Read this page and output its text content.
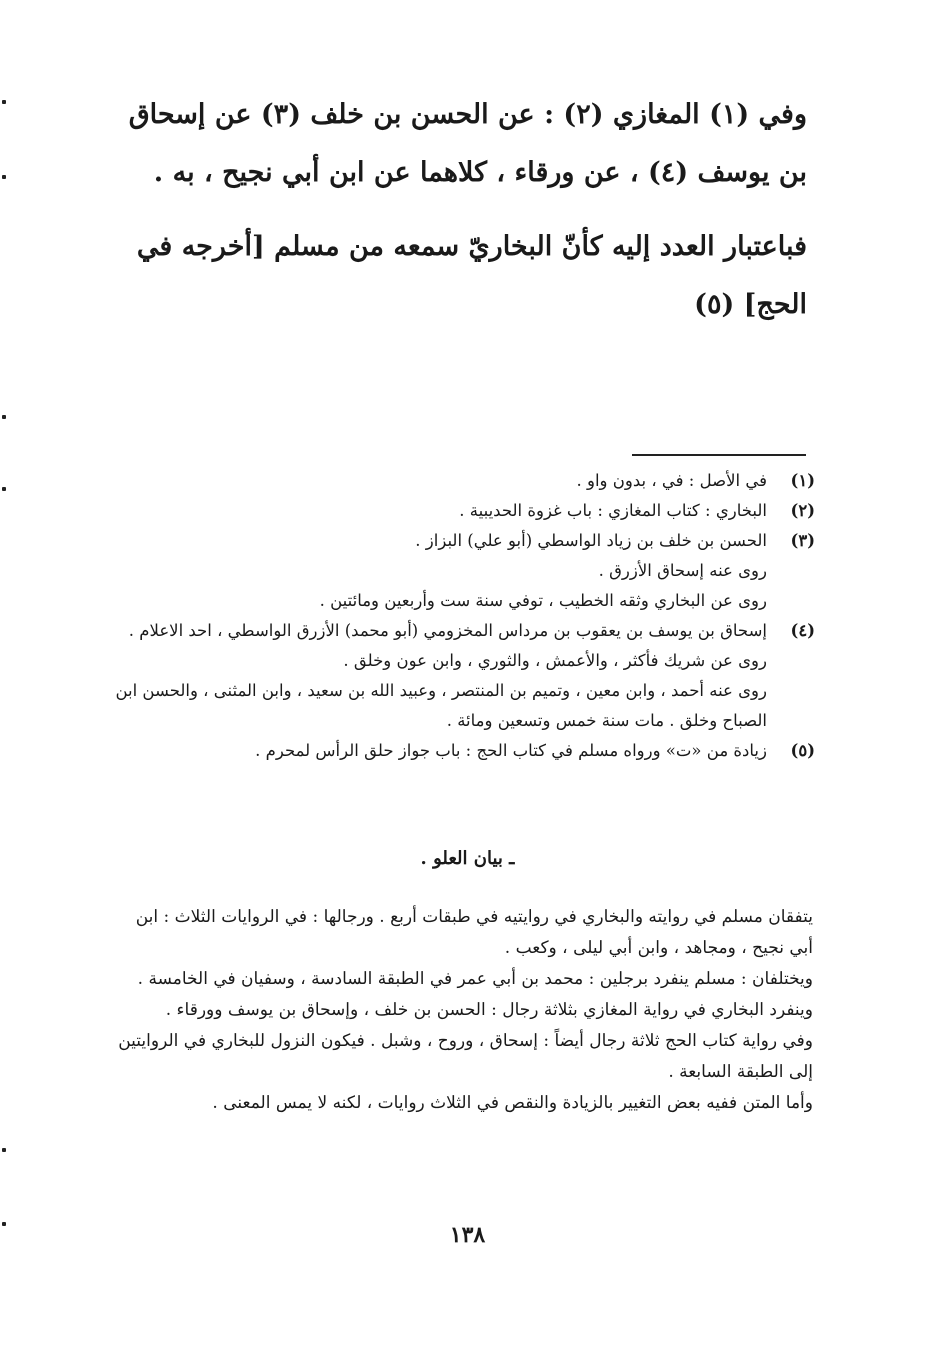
وفي (١) المغازي (٢) : عن الحسن بن خلف (٣) عن إسحاق بن يوسف (٤) ، عن ورقاء ، كلاهما عن ابن أبي نجيح ، به .

فباعتبار العدد إليه كأنّ البخاريّ سمعه من مسلم [أخرجه في الحج] (٥)

(١)
في الأصل : في ، بدون واو .
(٢)
البخاري : كتاب المغازي : باب غزوة الحديبية .
(٣)
الحسن بن خلف بن زياد الواسطي (أبو علي) البزاز .
روى عنه إسحاق الأزرق .
روى عن البخاري وثقه الخطيب ، توفي سنة ست وأربعين ومائتين .
(٤)
إسحاق بن يوسف بن يعقوب بن مرداس المخزومي (أبو محمد) الأزرق الواسطي ، احد الاعلام .
روى عن شريك فأكثر ، والأعمش ، والثوري ، وابن عون وخلق .
روى عنه أحمد ، وابن معين ، وتميم بن المنتصر ، وعبيد الله بن سعيد ، وابن المثنى ، والحسن ابن الصباح وخلق . مات سنة خمس وتسعين ومائة .
(٥)
زيادة من «ت» ورواه مسلم في كتاب الحج : باب جواز حلق الرأس لمحرم .
ـ بيان العلو .
يتفقان مسلم في روايته والبخاري في روايتيه في طبقات أربع . ورجالها : في الروايات الثلاث : ابن أبي نجيح ، ومجاهد ، وابن أبي ليلى ، وكعب .
ويختلفان : مسلم ينفرد برجلين : محمد بن أبي عمر في الطبقة السادسة ، وسفيان في الخامسة .
وينفرد البخاري في رواية المغازي بثلاثة رجال : الحسن بن خلف ، وإسحاق بن يوسف وورقاء .
وفي رواية كتاب الحج ثلاثة رجال أيضاً : إسحاق ، وروح ، وشبل . فيكون النزول للبخاري في الروايتين إلى الطبقة السابعة .
وأما المتن ففيه بعض التغيير بالزيادة والنقص في الثلاث روايات ، لكنه لا يمس المعنى .
١٣٨
